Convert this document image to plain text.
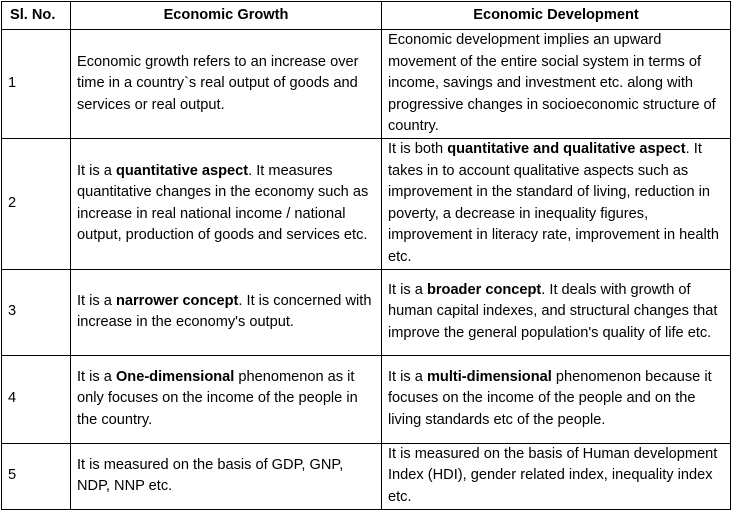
Sl. No.	Economic Growth	Economic Development
1	Economic growth refers to an increase over time in a country`s real output of goods and services or real output.	Economic development implies an upward movement of the entire social system in terms of income, savings and investment etc. along with progressive changes in socioeconomic structure of country.
2	It is a quantitative aspect. It measures quantitative changes in the economy such as increase in real national income / national output, production of goods and services etc.	It is both quantitative and qualitative aspect. It takes in to account qualitative aspects such as improvement in the standard of living, reduction in poverty, a decrease in inequality figures, improvement in literacy rate, improvement in health etc.
3	It is a narrower concept. It is concerned with increase in the economy's output.	It is a broader concept. It deals with growth of human capital indexes, and structural changes that improve the general population's quality of life etc.
4	It is a One-dimensional phenomenon as it only focuses on the income of the people in the country.	It is a multi-dimensional phenomenon because it focuses on the income of the people and on the living standards etc of the people.
5	It is measured on the basis of GDP, GNP, NDP, NNP etc.	It is measured on the basis of Human development Index (HDI), gender related index, inequality index etc.
